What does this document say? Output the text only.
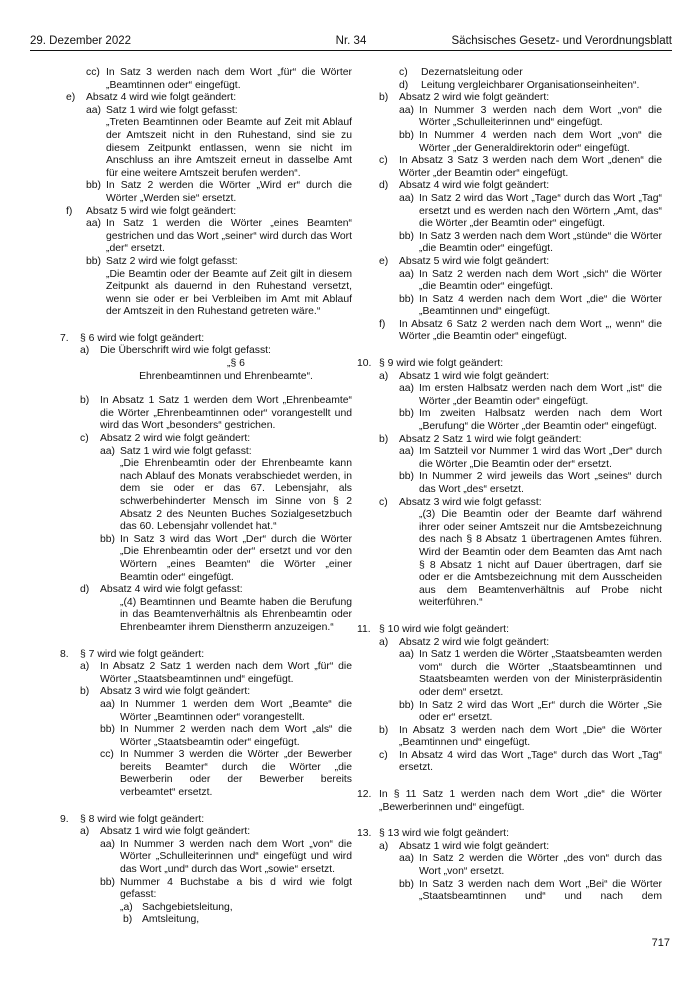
29. Dezember 2022	Nr. 34	Sächsisches Gesetz- und Verordnungsblatt
cc) In Satz 3 werden nach dem Wort „für“ die Wörter „Beamtinnen oder“ eingefügt.
e) Absatz 4 wird wie folgt geändert:
aa) Satz 1 wird wie folgt gefasst:
„Treten Beamtinnen oder Beamte auf Zeit mit Ablauf der Amtszeit nicht in den Ruhestand, sind sie zu diesem Zeitpunkt entlassen, wenn sie nicht im Anschluss an ihre Amtszeit erneut in dasselbe Amt für eine weitere Amtszeit berufen werden“.
bb) In Satz 2 werden die Wörter „Wird er“ durch die Wörter „Werden sie“ ersetzt.
f) Absatz 5 wird wie folgt geändert:
aa) In Satz 1 werden die Wörter „eines Beamten“ gestrichen und das Wort „seiner“ wird durch das Wort „der“ ersetzt.
bb) Satz 2 wird wie folgt gefasst:
„Die Beamtin oder der Beamte auf Zeit gilt in diesem Zeitpunkt als dauernd in den Ruhestand versetzt, wenn sie oder er bei Verbleiben im Amt mit Ablauf der Amtszeit in den Ruhestand getreten wäre.“
7. § 6 wird wie folgt geändert:
a) Die Überschrift wird wie folgt gefasst:
„§ 6
Ehrenbeamtinnen und Ehrenbeamte“.
b) In Absatz 1 Satz 1 werden dem Wort „Ehrenbeamte“ die Wörter „Ehrenbeamtinnen oder“ vorangestellt und wird das Wort „besonders“ gestrichen.
c) Absatz 2 wird wie folgt geändert:
aa) Satz 1 wird wie folgt gefasst:
„Die Ehrenbeamtin oder der Ehrenbeamte kann nach Ablauf des Monats verabschiedet werden, in dem sie oder er das 67. Lebensjahr, als schwerbehinderter Mensch im Sinne von § 2 Absatz 2 des Neunten Buches Sozialgesetzbuch das 60. Lebensjahr vollendet hat.“
bb) In Satz 3 wird das Wort „Der“ durch die Wörter „Die Ehrenbeamtin oder der“ ersetzt und vor den Wörtern „eines Beamten“ die Wörter „einer Beamtin oder“ eingefügt.
d) Absatz 4 wird wie folgt gefasst:
„(4) Beamtinnen und Beamte haben die Berufung in das Beamtenverhältnis als Ehrenbeamtin oder Ehrenbeamter ihrem Dienstherrn anzuzeigen.“
8. § 7 wird wie folgt geändert:
a) In Absatz 2 Satz 1 werden nach dem Wort „für“ die Wörter „Staatsbeamtinnen und“ eingefügt.
b) Absatz 3 wird wie folgt geändert:
aa) In Nummer 1 werden dem Wort „Beamte“ die Wörter „Beamtinnen oder“ vorangestellt.
bb) In Nummer 2 werden nach dem Wort „als“ die Wörter „Staatsbeamtin oder“ eingefügt.
cc) In Nummer 3 werden die Wörter „der Bewerber bereits Beamter“ durch die Wörter „die Bewerberin oder der Bewerber bereits verbeamtet“ ersetzt.
9. § 8 wird wie folgt geändert:
a) Absatz 1 wird wie folgt geändert:
aa) In Nummer 3 werden nach dem Wort „von“ die Wörter „Schulleiterinnen und“ eingefügt und wird das Wort „und“ durch das Wort „sowie“ ersetzt.
bb) Nummer 4 Buchstabe a bis d wird wie folgt gefasst:
„a) Sachgebietsleitung,
b) Amtsleitung,
c)	Dezernatsleitung oder
d)	Leitung vergleichbarer Organisationseinheiten“.
b) Absatz 2 wird wie folgt geändert:
aa) In Nummer 3 werden nach dem Wort „von“ die Wörter „Schulleiterinnen und“ eingefügt.
bb) In Nummer 4 werden nach dem Wort „von“ die Wörter „der Generaldirektorin oder“ eingefügt.
c) In Absatz 3 Satz 3 werden nach dem Wort „denen“ die Wörter „der Beamtin oder“ eingefügt.
d) Absatz 4 wird wie folgt geändert:
aa) In Satz 2 wird das Wort „Tage“ durch das Wort „Tag“ ersetzt und es werden nach den Wörtern „Amt, das“ die Wörter „der Beamtin oder“ eingefügt.
bb) In Satz 3 werden nach dem Wort „stünde“ die Wörter „die Beamtin oder“ eingefügt.
e) Absatz 5 wird wie folgt geändert:
aa) In Satz 2 werden nach dem Wort „sich“ die Wörter „die Beamtin oder“ eingefügt.
bb) In Satz 4 werden nach dem Wort „die“ die Wörter „Beamtinnen und“ eingefügt.
f) In Absatz 6 Satz 2 werden nach dem Wort „, wenn“ die Wörter „die Beamtin oder“ eingefügt.
10. § 9 wird wie folgt geändert:
a) Absatz 1 wird wie folgt geändert:
aa) Im ersten Halbsatz werden nach dem Wort „ist“ die Wörter „der Beamtin oder“ eingefügt.
bb) Im zweiten Halbsatz werden nach dem Wort „Berufung“ die Wörter „der Beamtin oder“ eingefügt.
b) Absatz 2 Satz 1 wird wie folgt geändert:
aa) Im Satzteil vor Nummer 1 wird das Wort „Der“ durch die Wörter „Die Beamtin oder der“ ersetzt.
bb) In Nummer 2 wird jeweils das Wort „seines“ durch das Wort „des“ ersetzt.
c) Absatz 3 wird wie folgt gefasst:
„(3) Die Beamtin oder der Beamte darf während ihrer oder seiner Amtszeit nur die Amtsbezeichnung des nach § 8 Absatz 1 übertragenen Amtes führen. Wird der Beamtin oder dem Beamten das Amt nach § 8 Absatz 1 nicht auf Dauer übertragen, darf sie oder er die Amtsbezeichnung mit dem Ausscheiden aus dem Beamtenverhältnis auf Probe nicht weiterführen.“
11. § 10 wird wie folgt geändert:
a) Absatz 2 wird wie folgt geändert:
aa) In Satz 1 werden die Wörter „Staatsbeamten werden vom“ durch die Wörter „Staatsbeamtinnen und Staatsbeamten werden von der Ministerpräsidentin oder dem“ ersetzt.
bb) In Satz 2 wird das Wort „Er“ durch die Wörter „Sie oder er“ ersetzt.
b) In Absatz 3 werden nach dem Wort „Die“ die Wörter „Beamtinnen und“ eingefügt.
c) In Absatz 4 wird das Wort „Tage“ durch das Wort „Tag“ ersetzt.
12. In § 11 Satz 1 werden nach dem Wort „die“ die Wörter „Bewerberinnen und“ eingefügt.
13. § 13 wird wie folgt geändert:
a) Absatz 1 wird wie folgt geändert:
aa) In Satz 2 werden die Wörter „des von“ durch das Wort „von“ ersetzt.
bb) In Satz 3 werden nach dem Wort „Bei“ die Wörter „Staatsbeamtinnen und“ und nach dem
717
